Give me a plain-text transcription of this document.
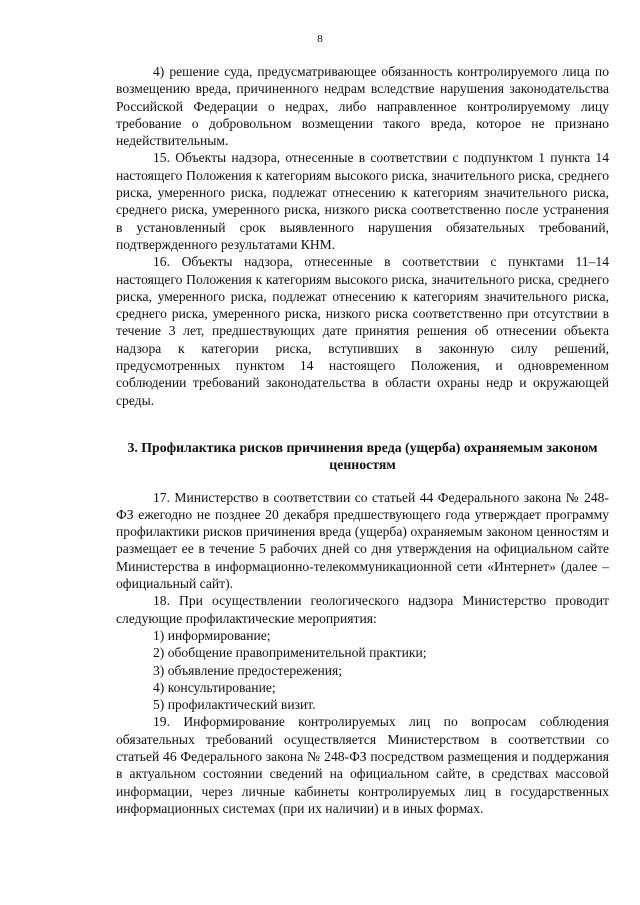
8

4) решение суда, предусматривающее обязанность контролируемого лица по возмещению вреда, причиненного недрам вследствие нарушения законодательства Российской Федерации о недрах, либо направленное контролируемому лицу требование о добровольном возмещении такого вреда, которое не признано недействительным.

15. Объекты надзора, отнесенные в соответствии с подпунктом 1 пункта 14 настоящего Положения к категориям высокого риска, значительного риска, среднего риска, умеренного риска, подлежат отнесению к категориям значительного риска, среднего риска, умеренного риска, низкого риска соответственно после устранения в установленный срок выявленного нарушения обязательных требований, подтвержденного результатами КНМ.

16. Объекты надзора, отнесенные в соответствии с пунктами 11–14 настоящего Положения к категориям высокого риска, значительного риска, среднего риска, умеренного риска, подлежат отнесению к категориям значительного риска, среднего риска, умеренного риска, низкого риска соответственно при отсутствии в течение 3 лет, предшествующих дате принятия решения об отнесении объекта надзора к категории риска, вступивших в законную силу решений, предусмотренных пунктом 14 настоящего Положения, и одновременном соблюдении требований законодательства в области охраны недр и окружающей среды.

3. Профилактика рисков причинения вреда (ущерба) охраняемым законом ценностям

17. Министерство в соответствии со статьей 44 Федерального закона № 248-ФЗ ежегодно не позднее 20 декабря предшествующего года утверждает программу профилактики рисков причинения вреда (ущерба) охраняемым законом ценностям и размещает ее в течение 5 рабочих дней со дня утверждения на официальном сайте Министерства в информационно-телекоммуникационной сети «Интернет» (далее – официальный сайт).

18. При осуществлении геологического надзора Министерство проводит следующие профилактические мероприятия:

1) информирование;

2) обобщение правоприменительной практики;

3) объявление предостережения;

4) консультирование;

5) профилактический визит.

19. Информирование контролируемых лиц по вопросам соблюдения обязательных требований осуществляется Министерством в соответствии со статьей 46 Федерального закона № 248-ФЗ посредством размещения и поддержания в актуальном состоянии сведений на официальном сайте, в средствах массовой информации, через личные кабинеты контролируемых лиц в государственных информационных системах (при их наличии) и в иных формах.
